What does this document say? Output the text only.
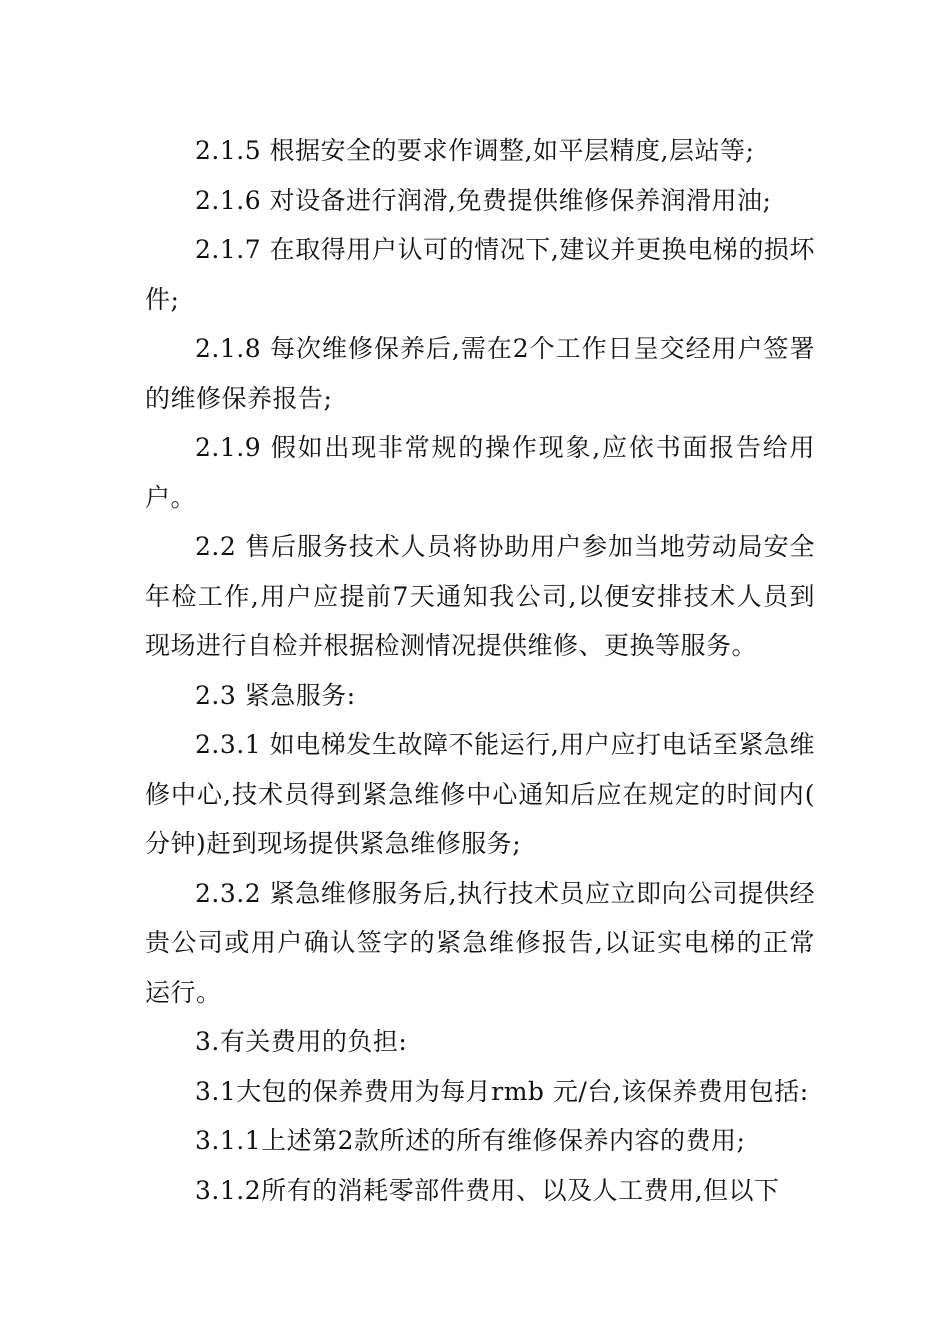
2.1.5 根据安全的要求作调整,如平层精度,层站等;

2.1.6 对设备进行润滑,免费提供维修保养润滑用油;

2.1.7 在取得用户认可的情况下,建议并更换电梯的损坏件;

2.1.8 每次维修保养后,需在2个工作日呈交经用户签署的维修保养报告;

2.1.9 假如出现非常规的操作现象,应依书面报告给用户。

2.2 售后服务技术人员将协助用户参加当地劳动局安全年检工作,用户应提前7天通知我公司,以便安排技术人员到现场进行自检并根据检测情况提供维修、更换等服务。

2.3 紧急服务:

2.3.1 如电梯发生故障不能运行,用户应打电话至紧急维修中心,技术员得到紧急维修中心通知后应在规定的时间内( 分钟)赶到现场提供紧急维修服务;

2.3.2 紧急维修服务后,执行技术员应立即向公司提供经贵公司或用户确认签字的紧急维修报告,以证实电梯的正常运行。

3.有关费用的负担:

3.1大包的保养费用为每月rmb 元/台,该保养费用包括:

3.1.1上述第2款所述的所有维修保养内容的费用;

3.1.2所有的消耗零部件费用、以及人工费用,但以下
